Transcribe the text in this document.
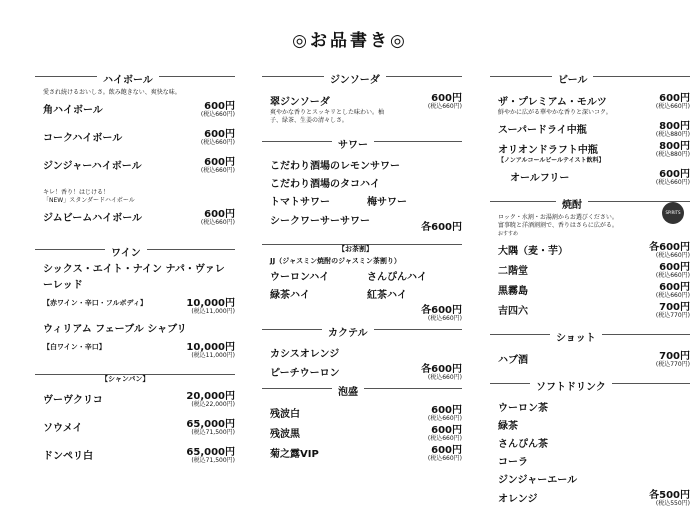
◎お品書き◎
ハイボール
愛され続けるおいしさ。飲み飽きない、爽快な味。
角ハイボール	600円
(税込660円)
コークハイボール	600円
(税込660円)
ジンジャーハイボール	600円
(税込660円)
キレ！香り！はじける！
「NEW」スタンダードハイボール
ジムビームハイボール	600円
(税込660円)
ワイン
シックス・エイト・ナイン ナパ・ヴァレーレッド
【赤ワイン・辛口・フルボディ】	10,000円
(税込11,000円)
ウィリアム フェーブル シャブリ
【白ワイン・辛口】	10,000円
(税込11,000円)
【シャンパン】
ヴーヴクリコ	20,000円
(税込22,000円)
ソウメイ	65,000円
(税込71,500円)
ドンペリ白	65,000円
(税込71,500円)
ジンソーダ
翠ジンソーダ	600円
(税込660円)
爽やかな香りとスッキリとした味わい。柚子、緑茶、生姜の清々しさ。
サワー
こだわり酒場のレモンサワー
こだわり酒場のタコハイ
トマトサワー	梅サワー
シークワーサーサワー
各600円
【お茶割】
JJ（ジャスミン焼酎のジャスミン茶割り）
ウーロンハイ	さんぴんハイ
緑茶ハイ	紅茶ハイ
各600円
(税込660円)
カクテル
カシスオレンジ
ピーチウーロン	各600円
(税込660円)
泡盛
残波白	600円
(税込660円)
残波黒	600円
(税込660円)
菊之露VIP	600円
(税込660円)
ビール
ザ・プレミアム・モルツ	600円
(税込660円)
鮮やかに広がる華やかな香りと深いコク。
スーパードライ中瓶	800円
(税込880円)
オリオンドラフト中瓶	800円
(税込880円)
【ノンアルコールビールテイスト飲料】
オールフリー	600円
(税込660円)
焼酎
ロック・水割・お湯割からお選びください。
富事暁と洋酒割割で、香りはさらに広がる。
SPIRITS
おすすめ
大隅（麦・芋）	各600円
(税込660円)
二階堂	600円
(税込660円)
黒霧島	600円
(税込660円)
吉四六	700円
(税込770円)
ショット
ハブ酒	700円
(税込770円)
ソフトドリンク
ウーロン茶
緑茶
さんぴん茶
コーラ
ジンジャーエール
オレンジ	各500円
(税込550円)
